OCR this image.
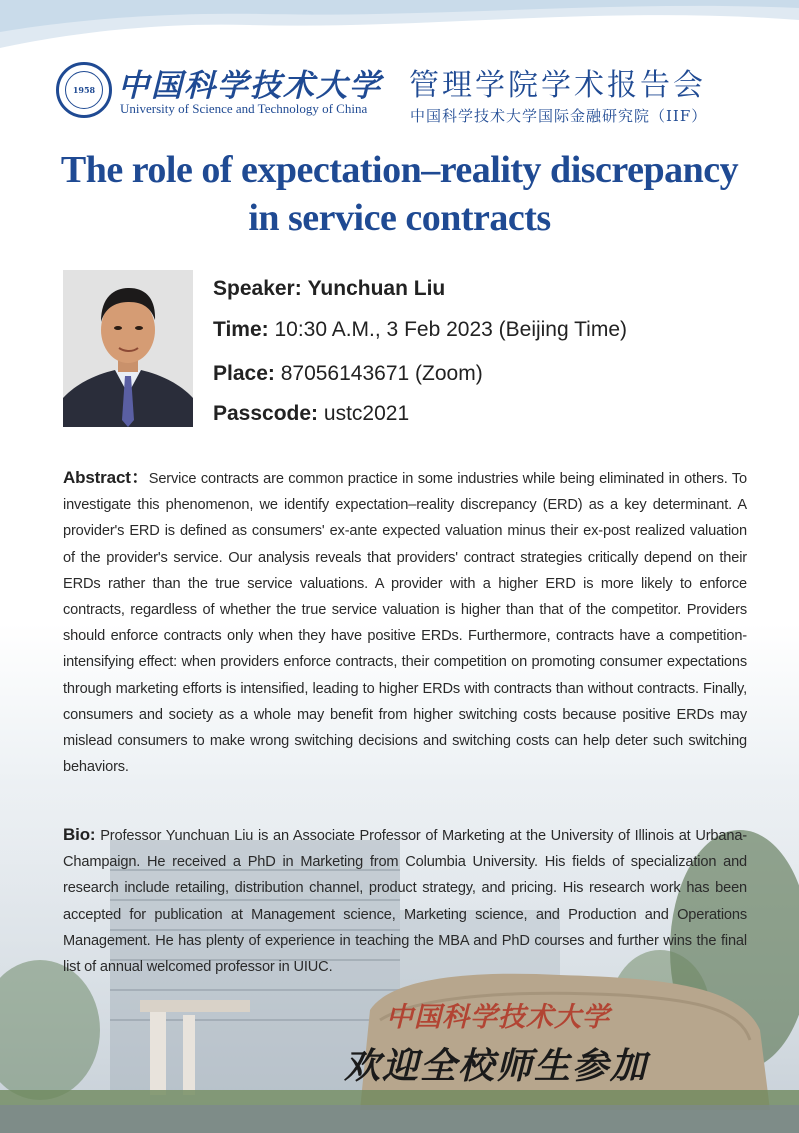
1958 中国科学技术大学
University of Science and Technology of China
管理学院学术报告会
中国科学技术大学国际金融研究院（IIF）
The role of expectation–reality discrepancy
in service contracts
Speaker: Yunchuan Liu
Time: 10:30 A.M., 3 Feb 2023 (Beijing Time)
Place: 87056143671 (Zoom)
Passcode: ustc2021
Abstract：Service contracts are common practice in some industries while being eliminated in others. To investigate this phenomenon, we identify expectation–reality discrepancy (ERD) as a key determinant. A provider's ERD is defined as consumers' ex-ante expected valuation minus their ex-post realized valuation of the provider's service. Our analysis reveals that providers' contract strategies critically depend on their ERDs rather than the true service valuations. A provider with a higher ERD is more likely to enforce contracts, regardless of whether the true service valuation is higher than that of the competitor. Providers should enforce contracts only when they have positive ERDs. Furthermore, contracts have a competition-intensifying effect: when providers enforce contracts, their competition on promoting consumer expectations through marketing efforts is intensified, leading to higher ERDs with contracts than without contracts. Finally, consumers and society as a whole may benefit from higher switching costs because positive ERDs may mislead consumers to make wrong switching decisions and switching costs can help deter such switching behaviors.
Bio: Professor Yunchuan Liu is an Associate Professor of Marketing at the University of Illinois at Urbana-Champaign. He received a PhD in Marketing from Columbia University. His fields of specialization and research include retailing, distribution channel, product strategy, and pricing. His research work has been accepted for publication at Management science, Marketing science, and Production and Operations Management. He has plenty of experience in teaching the MBA and PhD courses and further wins the final list of annual welcomed professor in UIUC.
中国科学技术大学
欢迎全校师生参加
